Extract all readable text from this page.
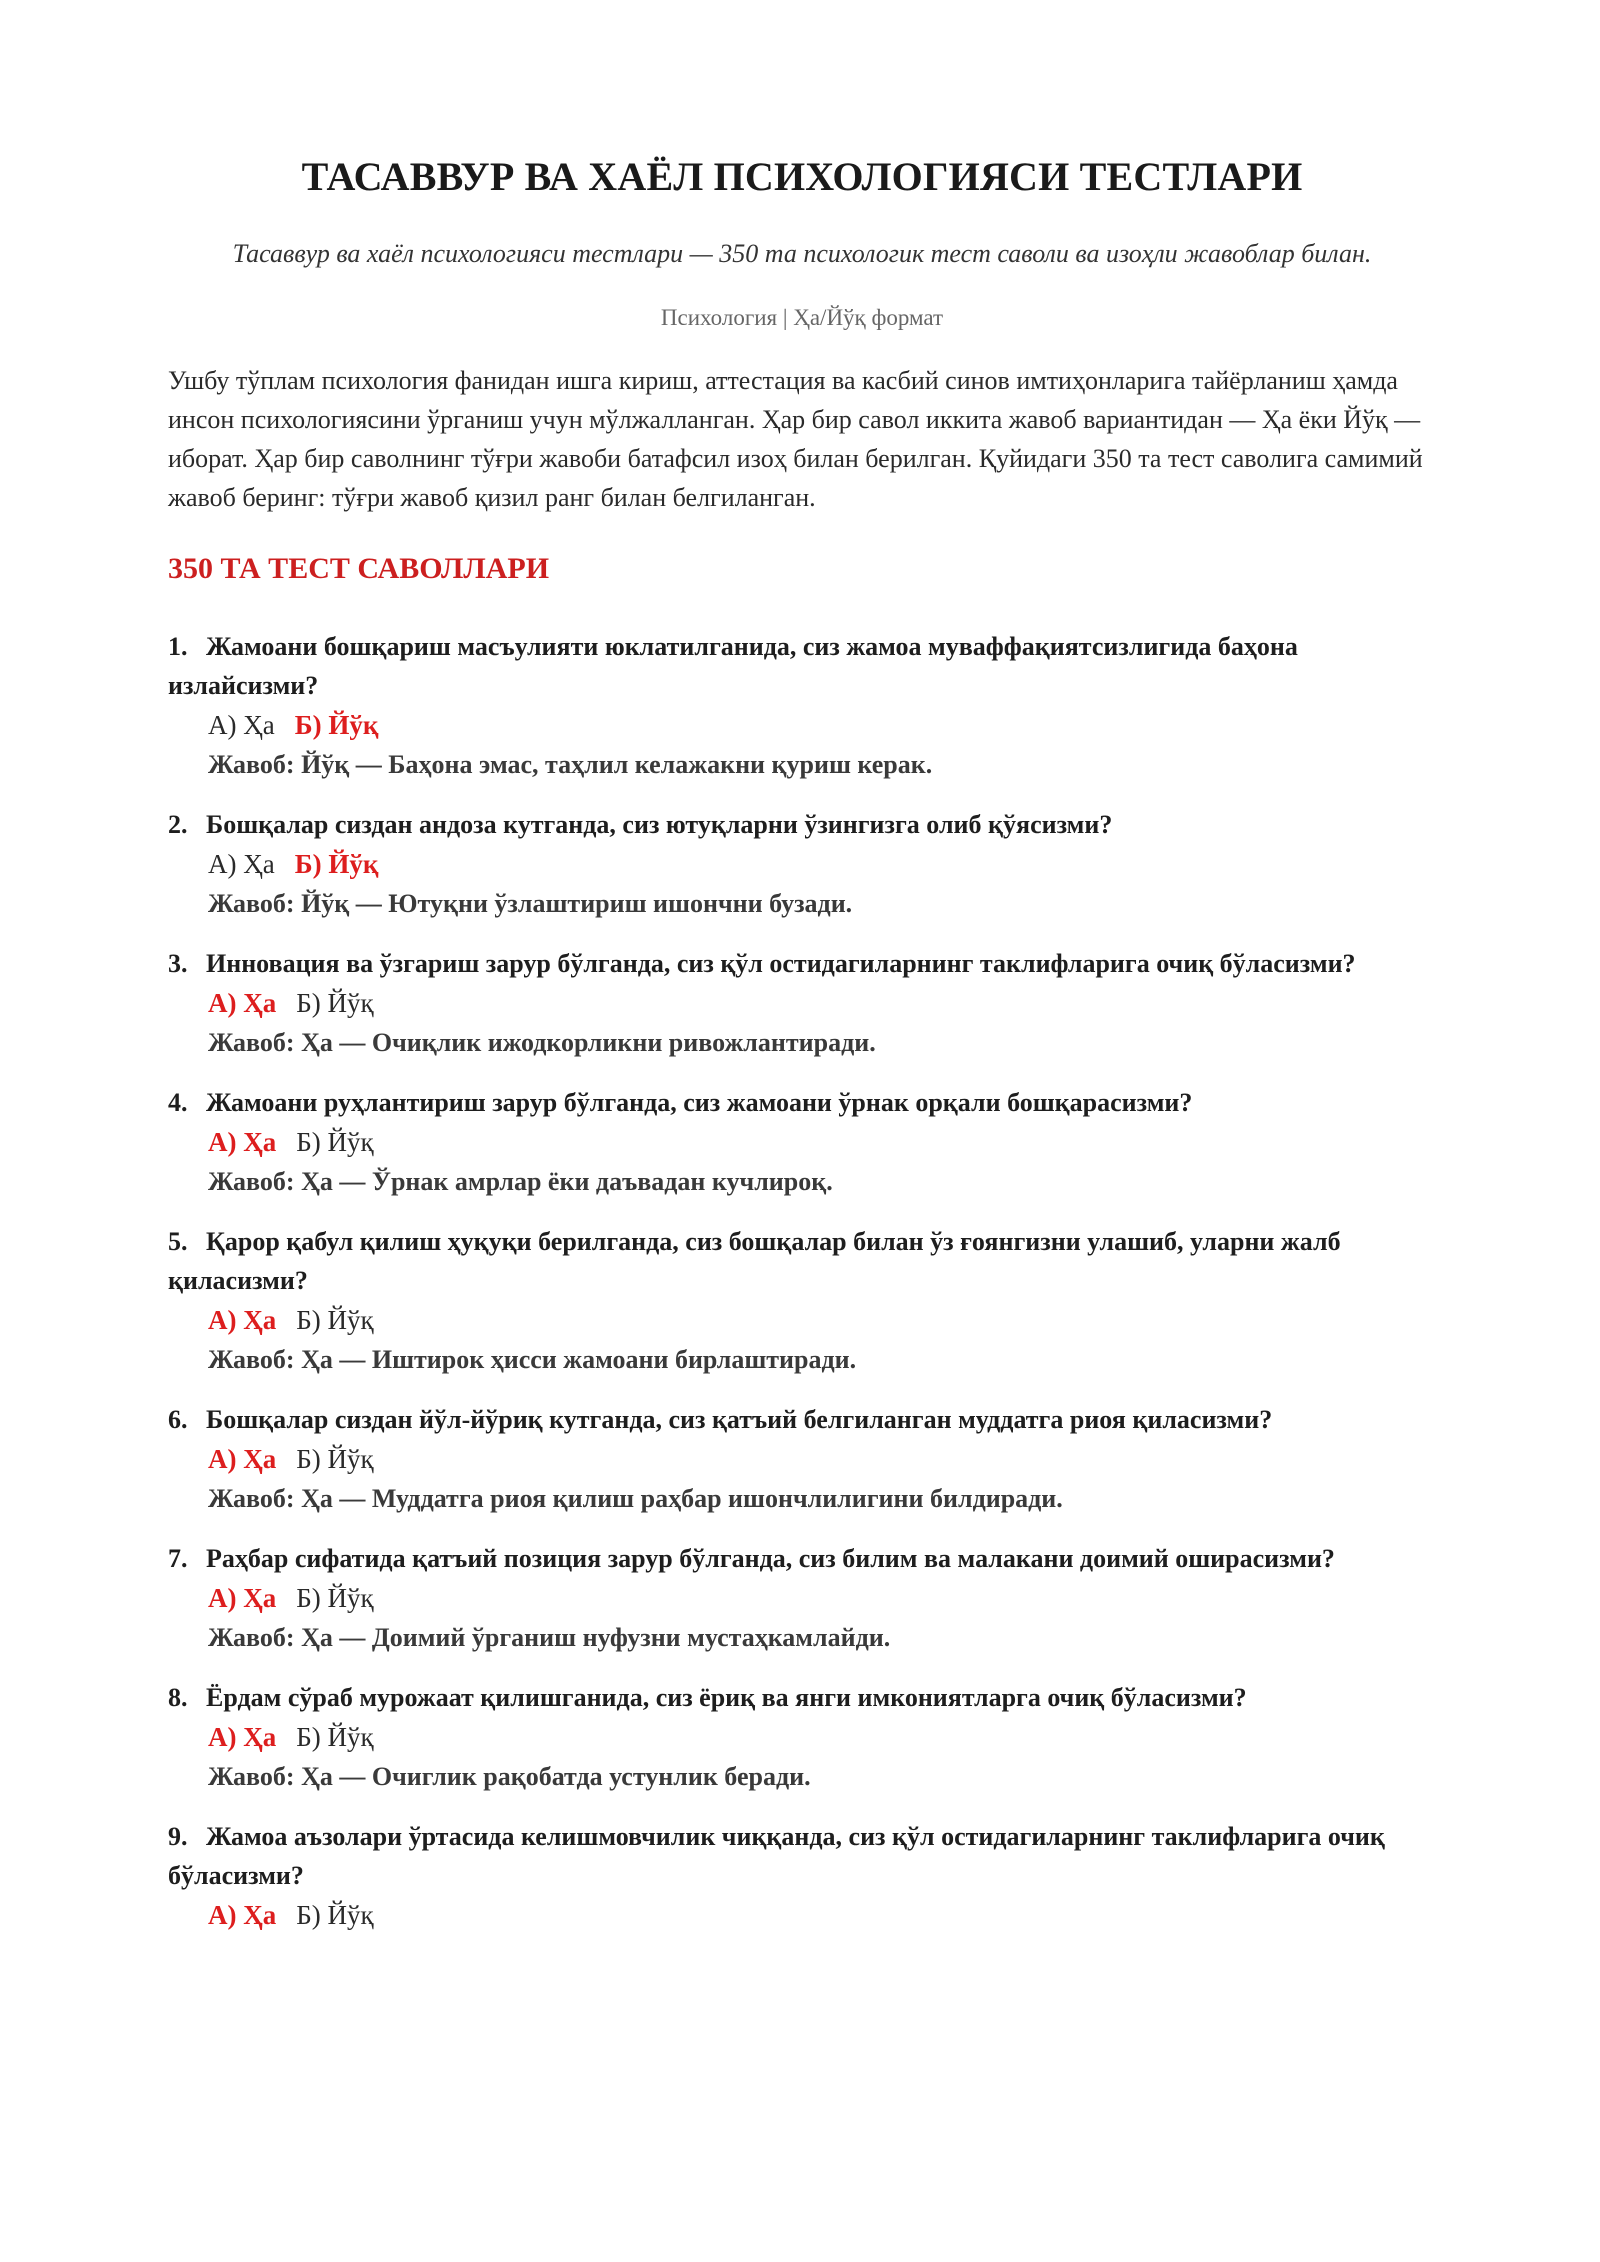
ТАСАВВУР ВА ХАЁЛ ПСИХОЛОГИЯСИ ТЕСТЛАРИ
Тасаввур ва хаёл психологияси тестлари — 350 та психологик тест саволи ва изоҳли жавоблар билан.
Психология | Ҳа/Йўқ формат

Ушбу тўплам психология фанидан ишга кириш, аттестация ва касбий синов имтиҳонларига тайёрланиш ҳамда инсон психологиясини ўрганиш учун мўлжалланган. Ҳар бир савол иккита жавоб вариантидан — Ҳа ёки Йўқ — иборат. Ҳар бир саволнинг тўғри жавоби батафсил изоҳ билан берилган. Қуйидаги 350 та тест саволига самимий жавоб беринг: тўғри жавоб қизил ранг билан белгиланган.

350 ТА ТЕСТ САВОЛЛАРИ
1. Жамоани бошқариш масъулияти юклатилганида, сиз жамоа муваффақиятсизлигида баҳона излайсизми?
А) Ҳа Б) Йўқ
Жавоб: Йўқ — Баҳона эмас, таҳлил келажакни қуриш керак.
2. Бошқалар сиздан андоза кутганда, сиз ютуқларни ўзингизга олиб қўясизми?
А) Ҳа Б) Йўқ
Жавоб: Йўқ — Ютуқни ўзлаштириш ишончни бузади.
3. Инновация ва ўзгариш зарур бўлганда, сиз қўл остидагиларнинг таклифларига очиқ бўласизми?
А) Ҳа Б) Йўқ
Жавоб: Ҳа — Очиқлик ижодкорликни ривожлантиради.
4. Жамоани руҳлантириш зарур бўлганда, сиз жамоани ўрнак орқали бошқарасизми?
А) Ҳа Б) Йўқ
Жавоб: Ҳа — Ўрнак амрлар ёки даъвадан кучлироқ.
5. Қарор қабул қилиш ҳуқуқи берилганда, сиз бошқалар билан ўз ғоянгизни улашиб, уларни жалб қиласизми?
А) Ҳа Б) Йўқ
Жавоб: Ҳа — Иштирок ҳисси жамоани бирлаштиради.
6. Бошқалар сиздан йўл-йўриқ кутганда, сиз қатъий белгиланган муддатга риоя қиласизми?
А) Ҳа Б) Йўқ
Жавоб: Ҳа — Муддатга риоя қилиш раҳбар ишончлилигини билдиради.
7. Раҳбар сифатида қатъий позиция зарур бўлганда, сиз билим ва малакани доимий оширасизми?
А) Ҳа Б) Йўқ
Жавоб: Ҳа — Доимий ўрганиш нуфузни мустаҳкамлайди.
8. Ёрдам сўраб мурожаат қилишганида, сиз ёриқ ва янги имкониятларга очиқ бўласизми?
А) Ҳа Б) Йўқ
Жавоб: Ҳа — Очиглик рақобатда устунлик беради.
9. Жамоа аъзолари ўртасида келишмовчилик чиққанда, сиз қўл остидагиларнинг таклифларига очиқ бўласизми?
А) Ҳа Б) Йўқ
